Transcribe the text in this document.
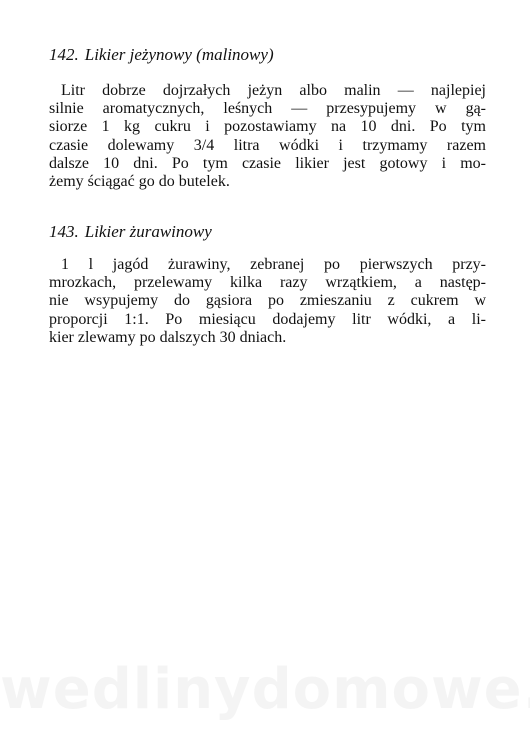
142. Likier jeżynowy (malinowy)
Litr dobrze dojrzałych jeżyn albo malin — najlepiej
silnie aromatycznych, leśnych — przesypujemy w gą-
siorze 1 kg cukru i pozostawiamy na 10 dni. Po tym
czasie dolewamy 3/4 litra wódki i trzymamy razem
dalsze 10 dni. Po tym czasie likier jest gotowy i mo-
żemy ściągać go do butelek.
143. Likier żurawinowy
1 l jagód żurawiny, zebranej po pierwszych przy-
mrozkach, przelewamy kilka razy wrzątkiem, a następ-
nie wsypujemy do gąsiora po zmieszaniu z cukrem w
proporcji 1:1. Po miesiącu dodajemy litr wódki, a li-
kier zlewamy po dalszych 30 dniach.
